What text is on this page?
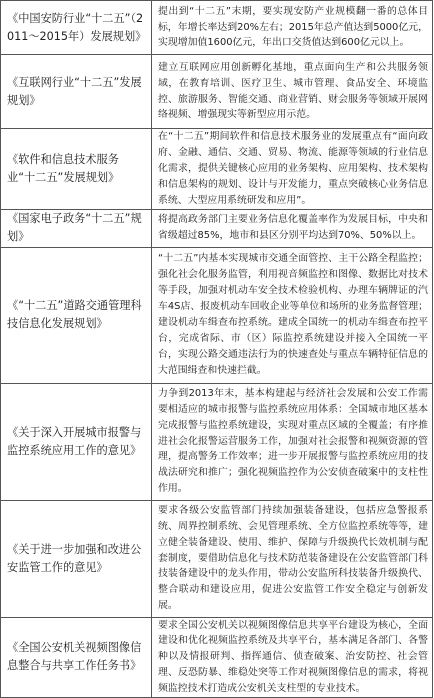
《中国安防行业“十二五”（2011～2015年）发展规划》	提出到“十二五”末期，要实现安防产业规模翻一番的总体目标，年增长率达到20%左右；2015年总产值达到5000亿元，实现增加值1600亿元，年出口交货值达到600亿元以上。

《互联网行业“十二五”发展规划》	建立互联网应用创新孵化基地，重点面向生产和公共服务领域，在教育培训、医疗卫生、城市管理、食品安全、环境监控、旅游服务、智能交通、商业营销、财会服务等领域开展网络视频、增强现实等新型应用示范。

《软件和信息技术服务业“十二五”发展规划》	在“十二五”期间软件和信息技术服务业的发展重点有“面向政府、金融、通信、交通、贸易、物流、能源等领域的行业信息化需求，提供关键核心应用的业务架构、应用架构、技术架构和信息架构的规划、设计与开发能力，重点突破核心业务信息系统、大型应用系统研发和应用”。

《国家电子政务“十二五”规划》	将提高政务部门主要业务信息化覆盖率作为发展目标，中央和省级超过85%，地市和县区分别平均达到70%、50%以上。

《“十二五”道路交通管理科技信息化发展规划》	“十二五”内基本实现城市交通全面管控、主干公路全程监控；强化社会化服务监管，利用视音频监控和图像、数据比对技术等手段，加强对机动车安全技术检验机构、办理车辆牌证的汽车4S店、报废机动车回收企业等单位和场所的业务监督管理；建设机动车缉查布控系统。建成全国统一的机动车缉查布控平台，完成省际、市（区）际监控系统建设并接入全国统一平台，实现公路交通违法行为的快速查处与重点车辆特征信息的大范围缉查和快速拦截。

《关于深入开展城市报警与监控系统应用工作的意见》	力争到2013年末，基本构建起与经济社会发展和公安工作需要相适应的城市报警与监控系统应用体系：全国城市地区基本完成报警与监控系统建设，实现对重点区域的全覆盖；有序推进社会化报警运营服务工作，加强对社会报警和视频资源的管理，提高警务工作效率；进一步开展报警与监控系统应用的技战法研究和推广；强化视频监控作为公安侦查破案中的支柱性作用。

《关于进一步加强和改进公安监管工作的意见》	要求各级公安监管部门持续加强装备建设，包括应急警报系统、周界控制系统、会见管理系统、全方位监控系统等等，建立健全装备建设、使用、维护、保障与升级换代长效机制与配套制度，要借助信息化与技术防范装备建设在公安监管部门科技装备建设中的龙头作用，带动公安监所科技装备升级换代、整合联动和建设应用，促进公安监管工作安全稳定与创新发展。

《全国公安机关视频图像信息整合与共享工作任务书》	要求全国公安机关以视频图像信息共享平台建设为核心，全面建设和优化视频监控系统及共享平台，基本满足各部门、各警种以及情报研判、指挥通信、侦查破案、治安防控、社会管理、反恐防暴、维稳处突等工作对视频图像信息的需求，将视频监控技术打造成公安机关支柱型的专业技术。
